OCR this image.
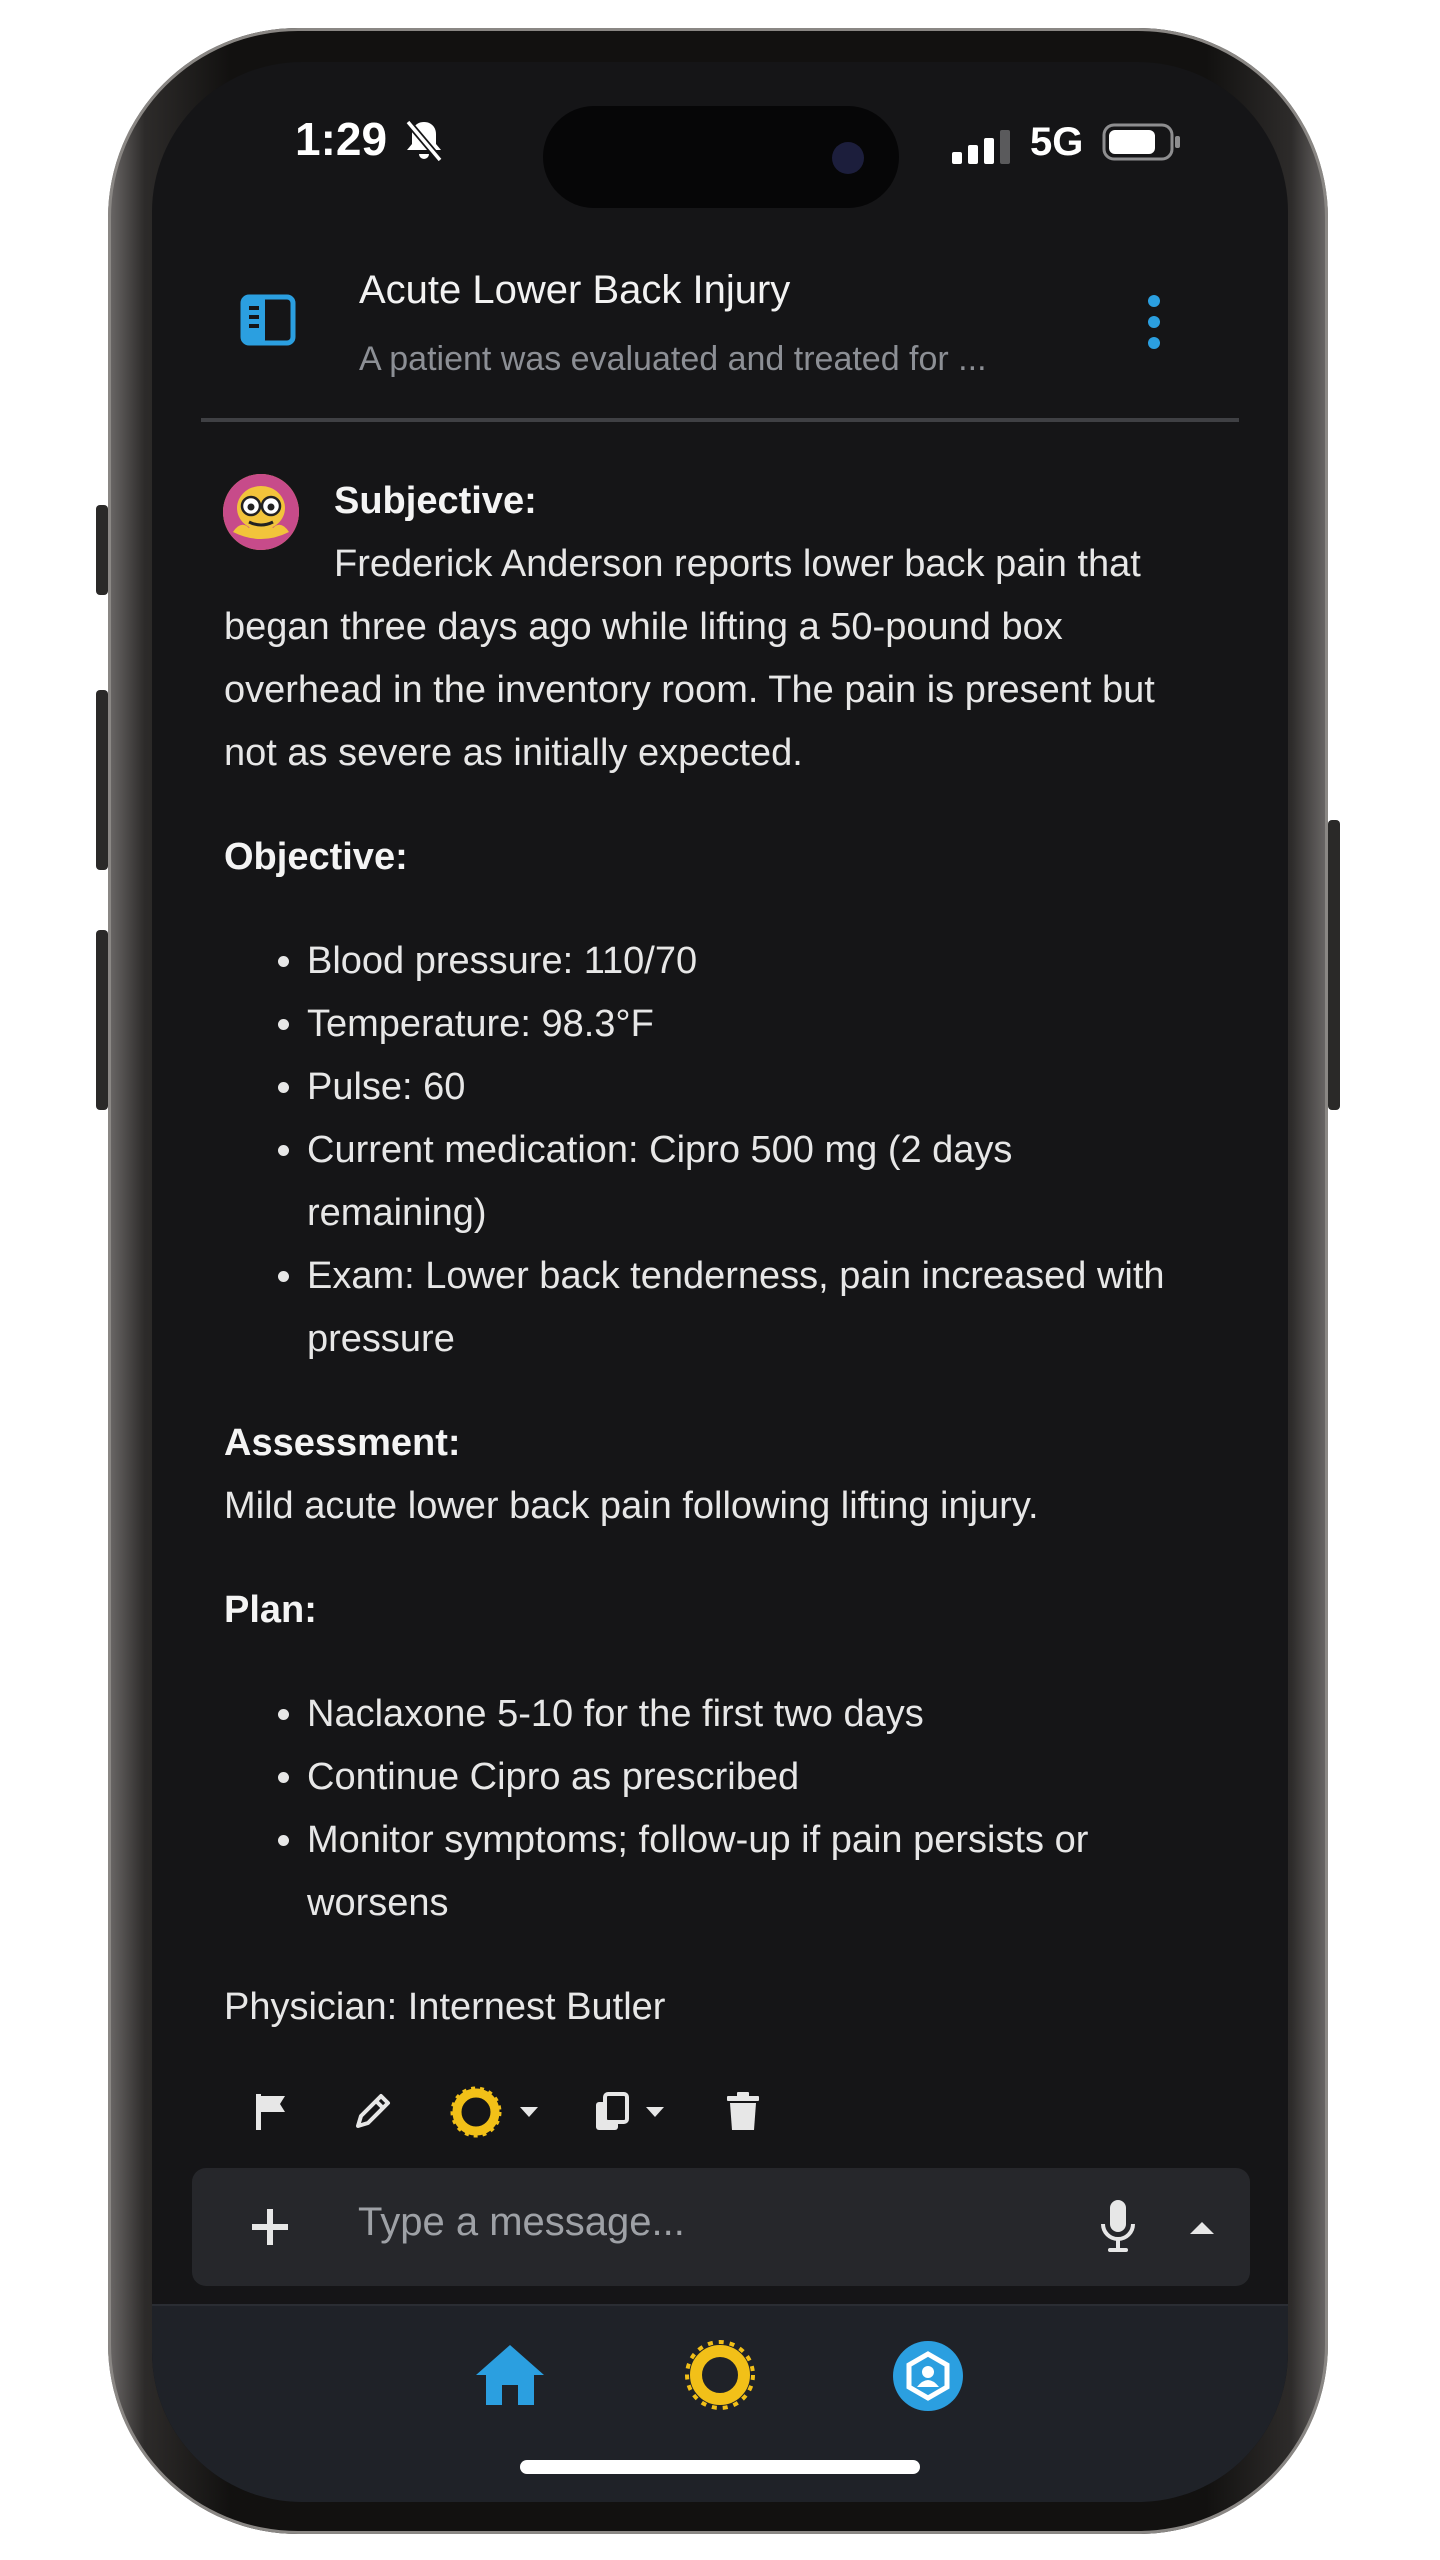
1:29	5G
Acute Lower Back Injury
A patient was evaluated and treated for ...

Subjective:

Frederick Anderson reports lower back pain that began three days ago while lifting a 50-pound box overhead in the inventory room. The pain is present but not as severe as initially expected.

Objective:

• Blood pressure: 110/70
• Temperature: 98.3°F
• Pulse: 60
• Current medication: Cipro 500 mg (2 days remaining)
• Exam: Lower back tenderness, pain increased with pressure

Assessment:

Mild acute lower back pain following lifting injury.

Plan:

• Naclaxone 5-10 for the first two days
• Continue Cipro as prescribed
• Monitor symptoms; follow-up if pain persists or worsens

Physician: Internest Butler

Type a message...
